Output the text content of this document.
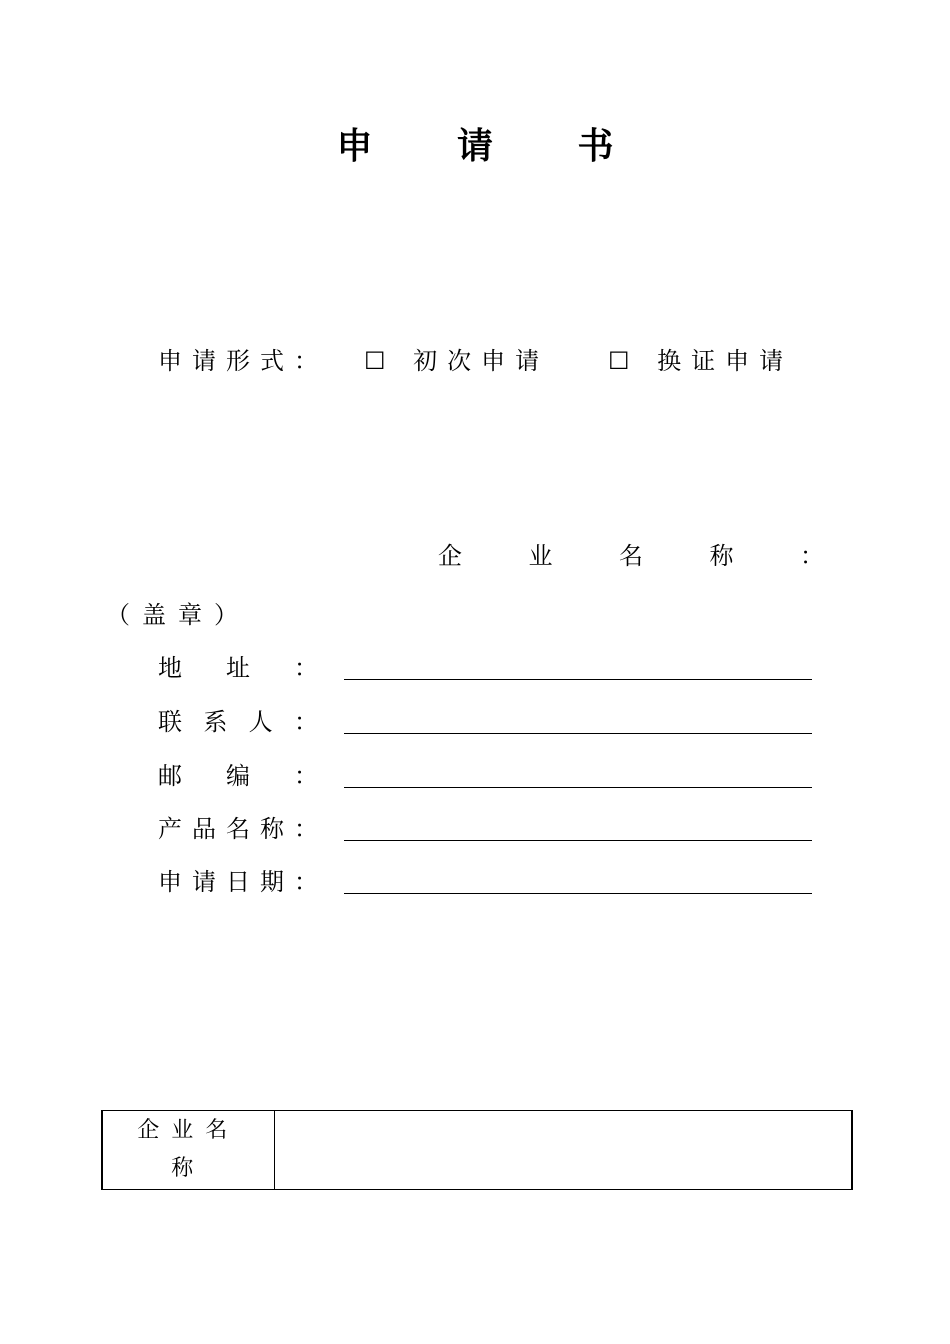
申 请 书
申请形式： ☐ 初次申请 ☐ 换证申请
企	业	名	称	：
（盖章）
地 址 ：
联 系 人 ：
邮 编 ：
产 品 名 称 ：
申 请 日 期 ：
企业名称	
